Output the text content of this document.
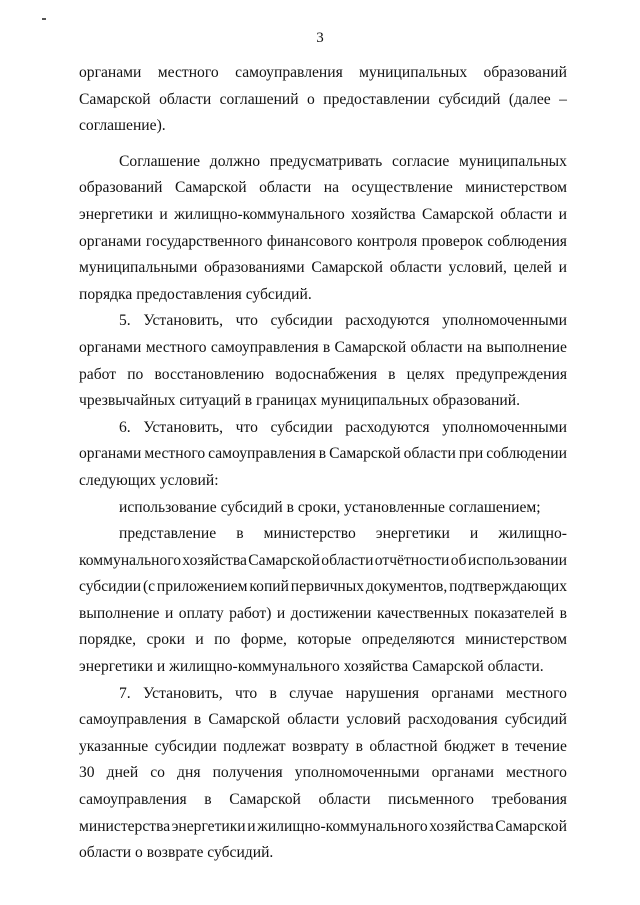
3
органами местного самоуправления муниципальных образований
Самарской области соглашений о предоставлении субсидий (далее –
соглашение).
Соглашение должно предусматривать согласие муниципальных
образований Самарской области на осуществление министерством
энергетики и жилищно-коммунального хозяйства Самарской области и
органами государственного финансового контроля проверок соблюдения
муниципальными образованиями Самарской области условий, целей и
порядка предоставления субсидий.
5. Установить, что субсидии расходуются уполномоченными
органами местного самоуправления в Самарской области на выполнение
работ по восстановлению водоснабжения в целях предупреждения
чрезвычайных ситуаций в границах муниципальных образований.
6. Установить, что субсидии расходуются уполномоченными
органами местного самоуправления в Самарской области при соблюдении
следующих условий:
использование субсидий в сроки, установленные соглашением;
представление в министерство энергетики и жилищно-
коммунального хозяйства Самарской области отчётности об использовании
субсидии (с приложением копий первичных документов, подтверждающих
выполнение и оплату работ) и достижении качественных показателей в
порядке, сроки и по форме, которые определяются министерством
энергетики и жилищно-коммунального хозяйства Самарской области.
7. Установить, что в случае нарушения органами местного
самоуправления в Самарской области условий расходования субсидий
указанные субсидии подлежат возврату в областной бюджет в течение
30 дней со дня получения уполномоченными органами местного
самоуправления в Самарской области письменного требования
министерства энергетики и жилищно-коммунального хозяйства Самарской
области о возврате субсидий.
